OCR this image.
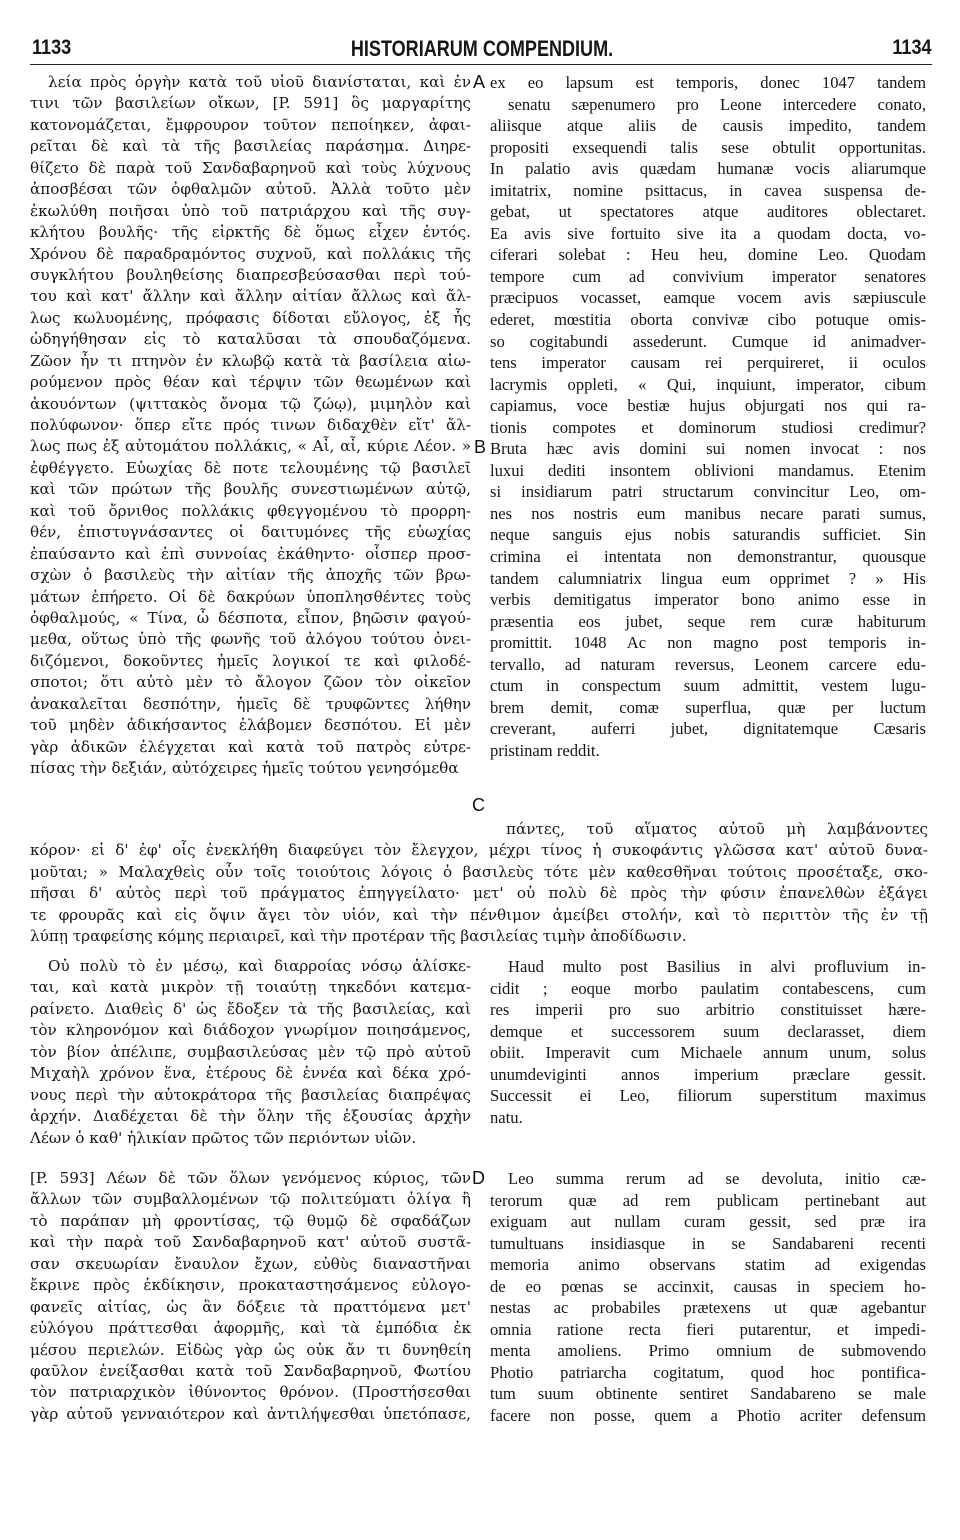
1133	HISTORIARUM COMPENDIUM.	1134
A
B
C
D
λεία πρὸς ὀργὴν κατὰ τοῦ υἱοῦ διανίσταται, καὶ ἐν
τινι τῶν βασιλείων οἴκων, [P. 591] ὃς μαργαρίτης
κατονομάζεται, ἔμφρουρον τοῦτον πεποίηκεν, ἀφαι-
ρεῖται δὲ καὶ τὰ τῆς βασιλείας παράσημα. Διηρε-
θίζετο δὲ παρὰ τοῦ Σανδαβαρηνοῦ καὶ τοὺς λύχνους
ἀποσβέσαι τῶν ὀφθαλμῶν αὐτοῦ. Ἀλλὰ τοῦτο μὲν
ἐκωλύθη ποιῆσαι ὑπὸ τοῦ πατριάρχου καὶ τῆς συγ-
κλήτου βουλῆς· τῆς εἱρκτῆς δὲ ὅμως εἶχεν ἐντός.
Χρόνου δὲ παραδραμόντος συχνοῦ, καὶ πολλάκις τῆς
συγκλήτου βουληθείσης διαπρεσβεύσασθαι περὶ τού-
του καὶ κατ' ἄλλην καὶ ἄλλην αἰτίαν ἄλλως καὶ ἄλ-
λως κωλυομένης, πρόφασις δίδοται εὔλογος, ἐξ ἧς
ὡδηγήθησαν εἰς τὸ καταλῦσαι τὰ σπουδαζόμενα.
Ζῶον ἦν τι πτηνὸν ἐν κλωβῷ κατὰ τὰ βασίλεια αἰω-
ρούμενον πρὸς θέαν καὶ τέρψιν τῶν θεωμένων καὶ
ἀκουόντων (ψιττακὸς ὄνομα τῷ ζώῳ), μιμηλὸν καὶ
πολύφωνον· ὅπερ εἴτε πρός τινων διδαχθὲν εἴτ' ἄλ-
λως πως ἐξ αὐτομάτου πολλάκις, « Αἶ, αἶ, κύριε Λέον. »
ἐφθέγγετο. Εὐωχίας δὲ ποτε τελουμένης τῷ βασιλεῖ
καὶ τῶν πρώτων τῆς βουλῆς συνεστιωμένων αὐτῷ,
καὶ τοῦ ὄρνιθος πολλάκις φθεγγομένου τὸ προρρη-
θέν, ἐπιστυγνάσαντες οἱ δαιτυμόνες τῆς εὐωχίας
ἐπαύσαντο καὶ ἐπὶ συννοίας ἐκάθηντο· οἷσπερ προσ-
σχὼν ὁ βασιλεὺς τὴν αἰτίαν τῆς ἀποχῆς τῶν βρω-
μάτων ἐπήρετο. Οἱ δὲ δακρύων ὑποπλησθέντες τοὺς
ὀφθαλμούς, « Τίνα, ὦ δέσποτα, εἶπον, βηῶσιν φαγού-
μεθα, οὕτως ὑπὸ τῆς φωνῆς τοῦ ἀλόγου τούτου ὀνει-
διζόμενοι, δοκοῦντες ἡμεῖς λογικοί τε καὶ φιλοδέ-
σποτοι; ὅτι αὐτὸ μὲν τὸ ἄλογον ζῶον τὸν οἰκεῖον
ἀνακαλεῖται δεσπότην, ἡμεῖς δὲ τρυφῶντες λήθην
τοῦ μηδὲν ἀδικήσαντος ἐλάβομεν δεσπότου. Εἰ μὲν
γὰρ ἀδικῶν ἐλέγχεται καὶ κατὰ τοῦ πατρὸς εὐτρε-
πίσας τὴν δεξιάν, αὐτόχειρες ἡμεῖς τούτου γενησόμεθα
ex eo lapsum est temporis, donec 1047 tandem
senatu sæpenumero pro Leone intercedere conato,
aliisque atque aliis de causis impedito, tandem
propositi exsequendi talis sese obtulit opportunitas.
In palatio avis quædam humanæ vocis aliarumque
imitatrix, nomine psittacus, in cavea suspensa de-
gebat, ut spectatores atque auditores oblectaret.
Ea avis sive fortuito sive ita a quodam docta, vo-
ciferari solebat : Heu heu, domine Leo. Quodam
tempore cum ad convivium imperator senatores
præcipuos vocasset, eamque vocem avis sæpiuscule
ederet, mœstitia oborta convivæ cibo potuque omis-
so cogitabundi assederunt. Cumque id animadver-
tens imperator causam rei perquireret, ii oculos
lacrymis oppleti, « Qui, inquiunt, imperator, cibum
capiamus, voce bestiæ hujus objurgati nos qui ra-
tionis compotes et dominorum studiosi credimur?
Bruta hæc avis domini sui nomen invocat : nos
luxui dediti insontem oblivioni mandamus. Etenim
si insidiarum patri structarum convincitur Leo, om-
nes nos nostris eum manibus necare parati sumus,
neque sanguis ejus nobis saturandis sufficiet. Sin
crimina ei intentata non demonstrantur, quousque
tandem calumniatrix lingua eum opprimet ? » His
verbis demitigatus imperator bono animo esse in
præsentia eos jubet, seque rem curæ habiturum
promittit. 1048 Ac non magno post temporis in-
tervallo, ad naturam reversus, Leonem carcere edu-
ctum in conspectum suum admittit, vestem lugu-
brem demit, comæ superflua, quæ per luctum
creverant, auferri jubet, dignitatemque Cæsaris
pristinam reddit.
πάντες, τοῦ αἵματος αὐτοῦ μὴ λαμβάνοντες
κόρον· εἰ δ' ἐφ' οἷς ἐνεκλήθη διαφεύγει τὸν ἔλεγχον, μέχρι τίνος ἡ συκοφάντις γλῶσσα κατ' αὐτοῦ δυνα-
μοῦται; » Μαλαχθεὶς οὖν τοῖς τοιούτοις λόγοις ὁ βασιλεὺς τότε μὲν καθεσθῆναι τούτοις προσέταξε, σκο-
πῆσαι δ' αὐτὸς περὶ τοῦ πράγματος ἐπηγγείλατο· μετ' οὐ πολὺ δὲ πρὸς τὴν φύσιν ἐπανελθὼν ἐξάγει
τε φρουρᾶς καὶ εἰς ὄψιν ἄγει τὸν υἱόν, καὶ τὴν πένθιμον ἀμείβει στολήν, καὶ τὸ περιττὸν τῆς ἐν τῇ
λύπῃ τραφείσης κόμης περιαιρεῖ, καὶ τὴν προτέραν τῆς βασιλείας τιμὴν ἀποδίδωσιν.
Οὐ πολὺ τὸ ἐν μέσῳ, καὶ διαρροίας νόσῳ ἁλίσκε-
ται, καὶ κατὰ μικρὸν τῇ τοιαύτῃ τηκεδόνι κατεμα-
ραίνετο. Διαθεὶς δ' ὡς ἔδοξεν τὰ τῆς βασιλείας, καὶ
τὸν κληρονόμον καὶ διάδοχον γνωρίμον ποιησάμενος,
τὸν βίον ἀπέλιπε, συμβασιλεύσας μὲν τῷ πρὸ αὐτοῦ
Μιχαὴλ χρόνον ἕνα, ἑτέρους δὲ ἐννέα καὶ δέκα χρό-
νους περὶ τὴν αὐτοκράτορα τῆς βασιλείας διαπρέψας
ἀρχήν. Διαδέχεται δὲ τὴν ὅλην τῆς ἐξουσίας ἀρχὴν
Λέων ὁ καθ' ἡλικίαν πρῶτος τῶν περιόντων υἱῶν.
Haud multo post Basilius in alvi profluvium in-
cidit ; eoque morbo paulatim contabescens, cum
res imperii pro suo arbitrio constituisset hære-
demque et successorem suum declarasset, diem
obiit. Imperavit cum Michaele annum unum, solus
unumdeviginti annos imperium præclare gessit.
Successit ei Leo, filiorum superstitum maximus
natu.
[P. 593] Λέων δὲ τῶν ὅλων γενόμενος κύριος, τῶν
ἄλλων τῶν συμβαλλομένων τῷ πολιτεύματι ὀλίγα ἢ
τὸ παράπαν μὴ φροντίσας, τῷ θυμῷ δὲ σφαδάζων
καὶ τὴν παρὰ τοῦ Σανδαβαρηνοῦ κατ' αὐτοῦ συστᾶ-
σαν σκευωρίαν ἔναυλον ἔχων, εὐθὺς διαναστῆναι
ἔκρινε πρὸς ἐκδίκησιν, προκαταστησάμενος εὐλογο-
φανεῖς αἰτίας, ὡς ἂν δόξειε τὰ πραττόμενα μετ'
εὐλόγου πράττεσθαι ἀφορμῆς, καὶ τὰ ἐμπόδια ἐκ
μέσου περιελών. Εἰδὼς γὰρ ὡς οὐκ ἄν τι δυνηθείη
φαῦλον ἐνείξασθαι κατὰ τοῦ Σανδαβαρηνοῦ, Φωτίου
τὸν πατριαρχικὸν ἰθύνοντος θρόνον. (Προστήσεσθαι
γὰρ αὐτοῦ γενναιότερον καὶ ἀντιλήψεσθαι ὑπετόπασε,
Leo summa rerum ad se devoluta, initio cæ-
terorum quæ ad rem publicam pertinebant aut
exiguam aut nullam curam gessit, sed præ ira
tumultuans insidiasque in se Sandabareni recenti
memoria animo observans statim ad exigendas
de eo pœnas se accinxit, causas in speciem ho-
nestas ac probabiles prætexens ut quæ agebantur
omnia ratione recta fieri putarentur, et impedi-
menta amoliens. Primo omnium de submovendo
Photio patriarcha cogitatum, quod hoc pontifica-
tum suum obtinente sentiret Sandabareno se male
facere non posse, quem a Photio acriter defensum
